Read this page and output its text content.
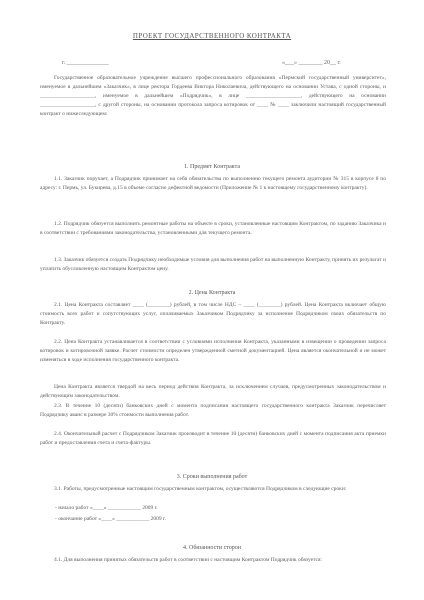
ПРОЕКТ ГОСУДАРСТВЕННОГО КОНТРАКТА
г. ______________	«___» ________ 20__ г.
Государственное образовательное учреждение высшего профессионального образования «Пермский государственный университет», именуемое в дальнейшем «Заказчик», в лице ректора Гордеева Виктора Николаевича, действующего на основании Устава, с одной стороны, и ____________________, именуемое в дальнейшем «Подрядчик», в лице ____________________, действующего на основании ____________________, с другой стороны, на основании протокола запроса котировок от ____ № ____ заключили настоящий государственный контракт о нижеследующем:
1. Предмет Контракта
1.1. Заказчик поручает, а Подрядчик принимает на себя обязательства по выполнению текущего ремонта аудитории № 315 в корпусе 8 по адресу: г. Пермь, ул. Букирева, д.15 в объеме согласно дефектной ведомости (Приложение № 1 к настоящему государственному контракту).
1.2. Подрядчик обязуется выполнить ремонтные работы на объекте в сроки, установленные настоящим Контрактом, по заданию Заказчика и в соответствии с требованиями законодательства, установленными для текущего ремонта.
1.3. Заказчик обязуется создать Подрядчику необходимые условия для выполнения работ на выполненную Контракту, принять их результат и уплатить обусловленную настоящим Контрактом цену.
2. Цена Контракта
2.1. Цена Контракта составляет ____ (________) рублей, в том числе НДС – ____ (________) рублей. Цена Контракта включает общую стоимость всех работ и сопутствующих услуг, оплачиваемых Заказчиком Подрядчику за исполнение Подрядчиком своих обязательств по Контракту.
2.2. Цена Контракта устанавливается в соответствии с условиями исполнения Контракта, указанными в извещении о проведении запроса котировок и котировочной заявке. Расчет стоимости определен утвержденной сметной документацией. Цена является окончательной и не может изменяться в ходе исполнения государственного контракта.
Цена Контракта является твердой на весь период действия Контракта, за исключением случаев, предусмотренных законодательством и действующим законодательством.
2.3. В течение 10 (десяти) банковских дней с момента подписания настоящего государственного контракта Заказчик перечисляет Подрядчику аванс в размере 30% стоимости выполнения работ.
2.4. Окончательный расчет с Подрядчиком Заказчик производит в течение 10 (десяти) банковских дней с момента подписания акта приемки работ и предоставления счета и счета-фактуры.
3. Сроки выполнения работ
3.1. Работы, предусмотренные настоящим государственным контрактом, осуществляются Подрядчиком в следующие сроки:
- начало работ «____» ____________ 2009 г.
- окончание работ «____» ____________ 2009 г.
4. Обязанности сторон
4.1. Для выполнения принятых обязательств работ в соответствии с настоящим Контрактом Подрядчик обязуется:
